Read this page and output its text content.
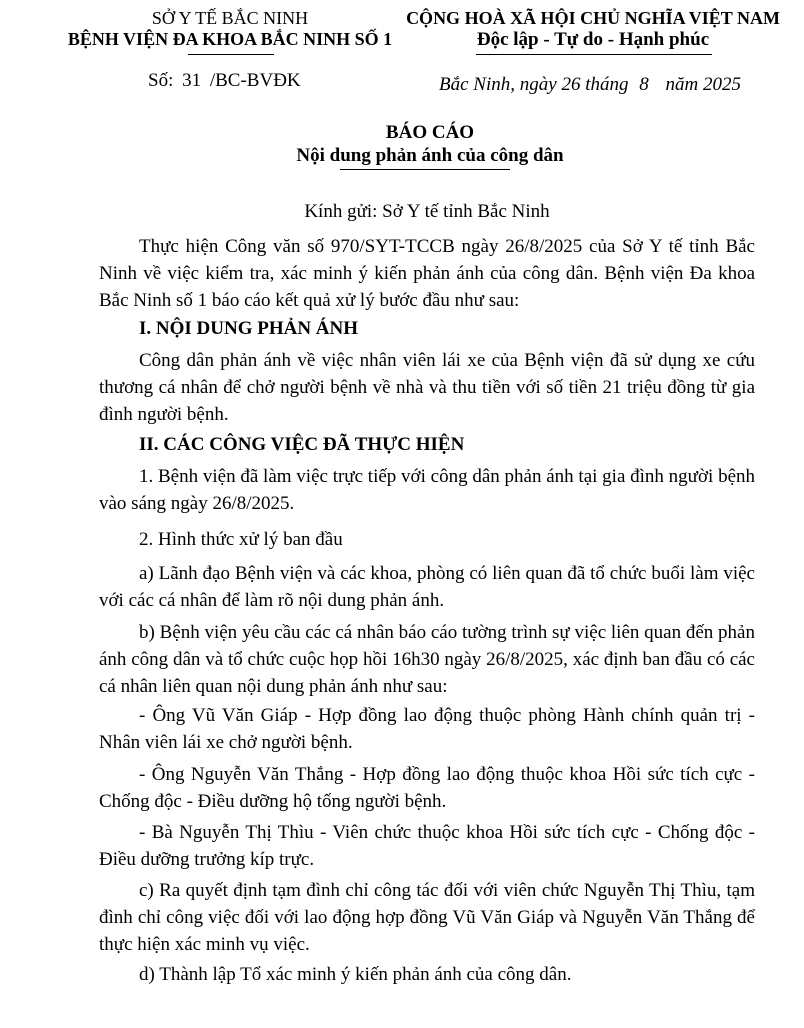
SỞ Y TẾ BẮC NINH
BỆNH VIỆN ĐA KHOA BẮC NINH SỐ 1
Số: 31 /BC-BVĐK
CỘNG HOÀ XÃ HỘI CHỦ NGHĨA VIỆT NAM
Độc lập - Tự do - Hạnh phúc
Bắc Ninh, ngày 26 tháng 8 năm 2025
BÁO CÁO
Nội dung phản ánh của công dân
Kính gửi: Sở Y tế tỉnh Bắc Ninh
Thực hiện Công văn số 970/SYT-TCCB ngày 26/8/2025 của Sở Y tế tỉnh Bắc Ninh về việc kiểm tra, xác minh ý kiến phản ánh của công dân. Bệnh viện Đa khoa Bắc Ninh số 1 báo cáo kết quả xử lý bước đầu như sau:
I. NỘI DUNG PHẢN ÁNH
Công dân phản ánh về việc nhân viên lái xe của Bệnh viện đã sử dụng xe cứu thương cá nhân để chở người bệnh về nhà và thu tiền với số tiền 21 triệu đồng từ gia đình người bệnh.
II. CÁC CÔNG VIỆC ĐÃ THỰC HIỆN
1. Bệnh viện đã làm việc trực tiếp với công dân phản ánh tại gia đình người bệnh vào sáng ngày 26/8/2025.
2. Hình thức xử lý ban đầu
a) Lãnh đạo Bệnh viện và các khoa, phòng có liên quan đã tổ chức buổi làm việc với các cá nhân để làm rõ nội dung phản ánh.
b) Bệnh viện yêu cầu các cá nhân báo cáo tường trình sự việc liên quan đến phản ánh công dân và tổ chức cuộc họp hồi 16h30 ngày 26/8/2025, xác định ban đầu có các cá nhân liên quan nội dung phản ánh như sau:
- Ông Vũ Văn Giáp - Hợp đồng lao động thuộc phòng Hành chính quản trị - Nhân viên lái xe chở người bệnh.
- Ông Nguyễn Văn Thắng - Hợp đồng lao động thuộc khoa Hồi sức tích cực - Chống độc - Điều dưỡng hộ tống người bệnh.
- Bà Nguyễn Thị Thìu - Viên chức thuộc khoa Hồi sức tích cực - Chống độc - Điều dưỡng trưởng kíp trực.
c) Ra quyết định tạm đình chỉ công tác đối với viên chức Nguyễn Thị Thìu, tạm đình chỉ công việc đối với lao động hợp đồng Vũ Văn Giáp và Nguyễn Văn Thắng để thực hiện xác minh vụ việc.
d) Thành lập Tổ xác minh ý kiến phản ánh của công dân.
